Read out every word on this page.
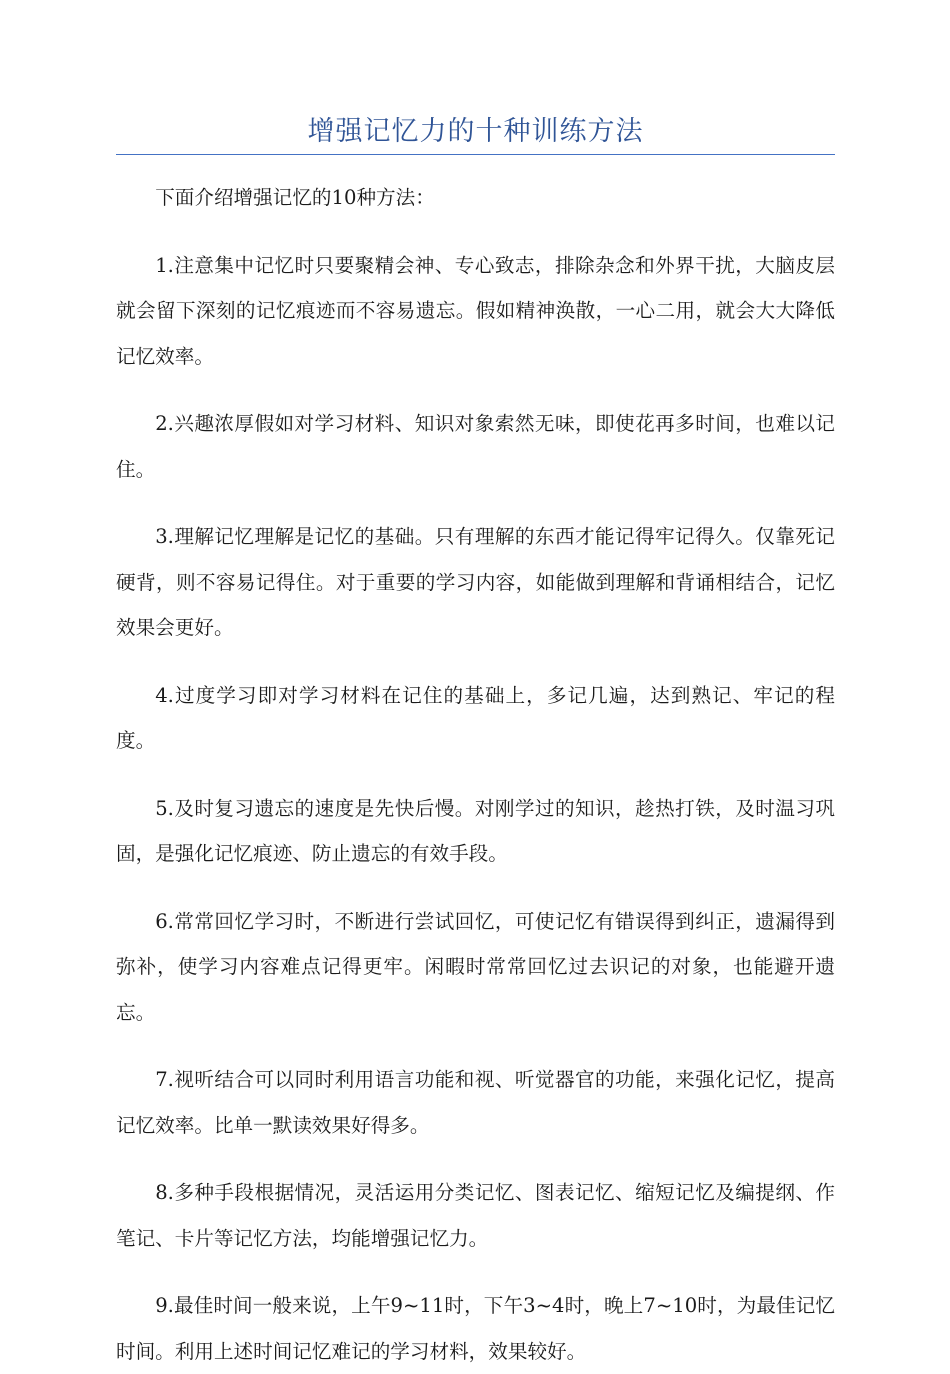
增强记忆力的十种训练方法

下面介绍增强记忆的10种方法：

1.注意集中记忆时只要聚精会神、专心致志，排除杂念和外界干扰，大脑皮层就会留下深刻的记忆痕迹而不容易遗忘。假如精神涣散，一心二用，就会大大降低记忆效率。

2.兴趣浓厚假如对学习材料、知识对象索然无味，即使花再多时间，也难以记住。

3.理解记忆理解是记忆的基础。只有理解的东西才能记得牢记得久。仅靠死记硬背，则不容易记得住。对于重要的学习内容，如能做到理解和背诵相结合，记忆效果会更好。

4.过度学习即对学习材料在记住的基础上，多记几遍，达到熟记、牢记的程度。

5.及时复习遗忘的速度是先快后慢。对刚学过的知识，趁热打铁，及时温习巩固，是强化记忆痕迹、防止遗忘的有效手段。

6.常常回忆学习时，不断进行尝试回忆，可使记忆有错误得到纠正，遗漏得到弥补，使学习内容难点记得更牢。闲暇时常常回忆过去识记的对象，也能避开遗忘。

7.视听结合可以同时利用语言功能和视、听觉器官的功能，来强化记忆，提高记忆效率。比单一默读效果好得多。

8.多种手段根据情况，灵活运用分类记忆、图表记忆、缩短记忆及编提纲、作笔记、卡片等记忆方法，均能增强记忆力。

9.最佳时间一般来说，上午9~11时，下午3~4时，晚上7~10时，为最佳记忆时间。利用上述时间记忆难记的学习材料，效果较好。
